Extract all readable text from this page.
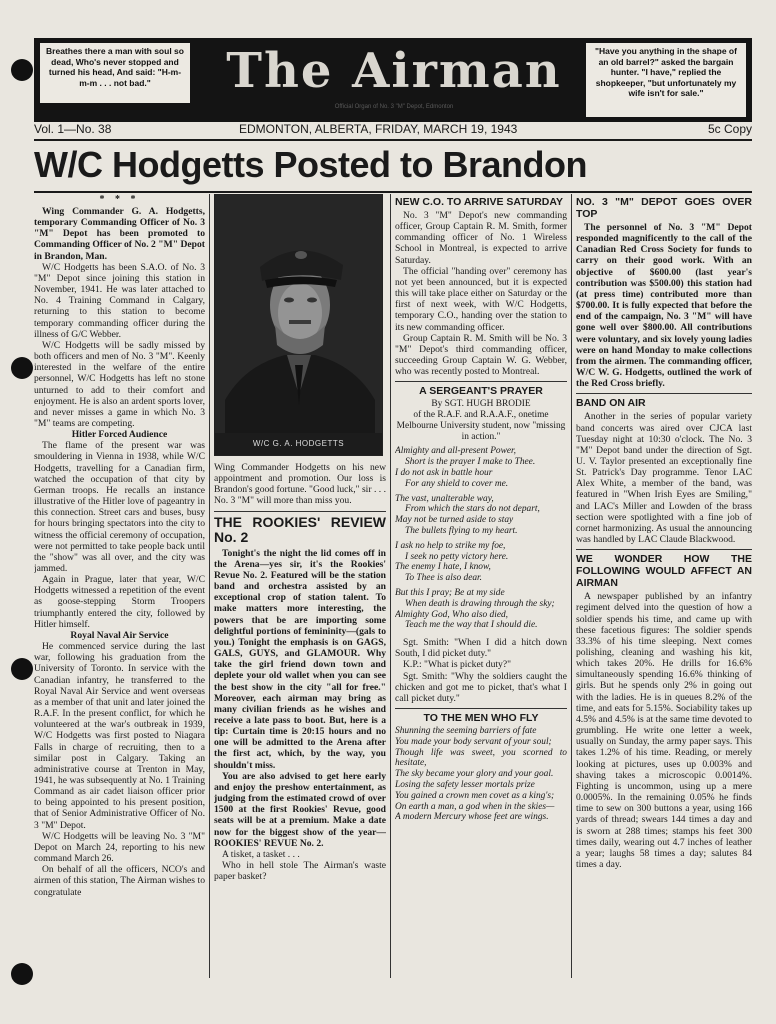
Breathes there a man with soul so dead, Who's never stopped and turned his head, And said: "H-m-m-m . . . not bad."	The Airman
Official Organ of No. 3 "M" Depot, Edmonton
"Have you anything in the shape of an old barrel?" asked the bargain hunter. "I have," replied the shopkeeper, "but unfortunately my wife isn't for sale."
Vol. 1—No. 38	EDMONTON, ALBERTA, FRIDAY, MARCH 19, 1943	5c Copy
W/C Hodgetts Posted to Brandon
* * *

Wing Commander G. A. Hodgetts, temporary Commanding Officer of No. 3 "M" Depot has been promoted to Commanding Officer of No. 2 "M" Depot in Brandon, Man.

W/C Hodgetts has been S.A.O. of No. 3 "M" Depot since joining this station in November, 1941. He was later attached to No. 4 Training Command in Calgary, returning to this station to become temporary commanding officer during the illness of G/C Webber.

W/C Hodgetts will be sadly missed by both officers and men of No. 3 "M". Keenly interested in the welfare of the entire personnel, W/C Hodgetts has left no stone unturned to add to their comfort and enjoyment. He is also an ardent sports lover, and never misses a game in which No. 3 "M" teams are competing.

Hitler Forced Audience

The flame of the present war was smouldering in Vienna in 1938, while W/C Hodgetts, travelling for a Canadian firm, watched the occupation of that city by German troops. He recalls an instance illustrative of the Hitler love of pageantry in this connection. Street cars and buses, busy for hours bringing spectators into the city to witness the official ceremony of occupation, were not permitted to take people back until the "show" was all over, and the city was jammed.

Again in Prague, later that year, W/C Hodgetts witnessed a repetition of the event as goose-stepping Storm Troopers triumphantly entered the city, followed by Hitler himself.

Royal Naval Air Service

He commenced service during the last war, following his graduation from the University of Toronto. In service with the Canadian infantry, he transferred to the Royal Naval Air Service and went overseas as a member of that unit and later joined the R.A.F. In the present conflict, for which he volunteered at the war's outbreak in 1939, W/C Hodgetts was first posted to Niagara Falls in charge of recruiting, then to a similar post in Calgary. Taking an administrative course at Trenton in May, 1941, he was subsequently at No. 1 Training Command as air cadet liaison officer prior to being appointed to his present position, that of Senior Administrative Officer of No. 3 "M" Depot.

W/C Hodgetts will be leaving No. 3 "M" Depot on March 24, reporting to his new command March 26.

On behalf of all the officers, NCO's and airmen of this station, The Airman wishes to congratulate

W/C G. A. HODGETTS

Wing Commander Hodgetts on his new appointment and promotion. Our loss is Brandon's good fortune. "Good luck," sir . . . No. 3 "M" will more than miss you.

THE ROOKIES' REVIEW No. 2

Tonight's the night the lid comes off in the Arena—yes sir, it's the Rookies' Revue No. 2. Featured will be the station band and orchestra assisted by an exceptional crop of station talent. To make matters more interesting, the powers that be are importing some delightful portions of femininity—(gals to you.) Tonight the emphasis is on GAGS, GALS, GUYS, and GLAMOUR. Why take the girl friend down town and deplete your old wallet when you can see the best show in the city "all for free." Moreover, each airman may bring as many civilian friends as he wishes and receive a late pass to boot. But, here is a tip: Curtain time is 20:15 hours and no one will be admitted to the Arena after the first act, which, by the way, you shouldn't miss.

You are also advised to get here early and enjoy the preshow entertainment, as judging from the estimated crowd of over 1500 at the first Rookies' Revue, good seats will be at a premium. Make a date now for the biggest show of the year—ROOKIES' REVUE No. 2.

A tisket, a tasket . . .

Who in hell stole The Airman's waste paper basket?

NEW C.O. TO ARRIVE SATURDAY

No. 3 "M" Depot's new commanding officer, Group Captain R. M. Smith, former commanding officer of No. 1 Wireless School in Montreal, is expected to arrive Saturday.

The official "handing over" ceremony has not yet been announced, but it is expected this will take place either on Saturday or the first of next week, with W/C Hodgetts, temporary C.O., handing over the station to its new commanding officer.

Group Captain R. M. Smith will be No. 3 "M" Depot's third commanding officer, succeeding Group Captain W. G. Webber, who was recently posted to Montreal.

A SERGEANT'S PRAYER
By SGT. HUGH BRODIE
of the R.A.F. and R.A.A.F., onetime Melbourne University student, now "missing in action."
Almighty and all-present Power,
Short is the prayer I make to Thee.
I do not ask in battle hour
For any shield to cover me.
The vast, unalterable way,
From which the stars do not depart,
May not be turned aside to stay
The bullets flying to my heart.
I ask no help to strike my foe,
I seek no petty victory here.
The enemy I hate, I know,
To Thee is also dear.
But this I pray; Be at my side
When death is drawing through the sky;
Almighty God, Who also died,
Teach me the way that I should die.

Sgt. Smith: "When I did a hitch down South, I did picket duty."

K.P.: "What is picket duty?"

Sgt. Smith: "Why the soldiers caught the chicken and got me to picket, that's what I call picket duty."

TO THE MEN WHO FLY
Shunning the seeming barriers of fate
You made your body servant of your soul;
Though life was sweet, you scorned to hesitate,
The sky became your glory and your goal.
Losing the safety lesser mortals prize
You gained a crown men covet as a king's;
On earth a man, a god when in the skies—
A modern Mercury whose feet are wings.
NO. 3 "M" DEPOT GOES OVER TOP

The personnel of No. 3 "M" Depot responded magnificently to the call of the Canadian Red Cross Society for funds to carry on their good work. With an objective of $600.00 (last year's contribution was $500.00) this station had (at press time) contributed more than $700.00. It is fully expected that before the end of the campaign, No. 3 "M" will have gone well over $800.00. All contributions were voluntary, and six lovely young ladies were on hand Monday to make collections from the airmen. The commanding officer, W/C W. G. Hodgetts, outlined the work of the Red Cross briefly.

BAND ON AIR

Another in the series of popular variety band concerts was aired over CJCA last Tuesday night at 10:30 o'clock. The No. 3 "M" Depot band under the direction of Sgt. U. V. Taylor presented an exceptionally fine St. Patrick's Day programme. Tenor LAC Alex White, a member of the band, was featured in "When Irish Eyes are Smiling," and LAC's Miller and Lowden of the brass section were spotlighted with a fine job of cornet harmonizing. As usual the announcing was handled by LAC Claude Blackwood.

WE WONDER HOW THE FOLLOWING WOULD AFFECT AN AIRMAN

A newspaper published by an infantry regiment delved into the question of how a soldier spends his time, and came up with these facetious figures: The soldier spends 33.3% of his time sleeping. Next comes polishing, cleaning and washing his kit, which takes 20%. He drills for 16.6% simultaneously spending 16.6% thinking of girls. But he spends only 2% in going out with the ladies. He is in queues 8.2% of the time, and eats for 5.15%. Sociability takes up 4.5% and 4.5% is at the same time devoted to grumbling. He write one letter a week, usually on Sunday, the army paper says. This takes 1.2% of his time. Reading, or merely looking at pictures, uses up 0.003% and shaving takes a microscopic 0.0014%. Fighting is uncommon, using up a mere 0.0005%. In the remaining 0.05% he finds time to sew on 300 buttons a year, using 166 yards of thread; swears 144 times a day and is sworn at 288 times; stamps his feet 300 times daily, wearing out 4.7 inches of leather a year; laughs 58 times a day; salutes 84 times a day.
